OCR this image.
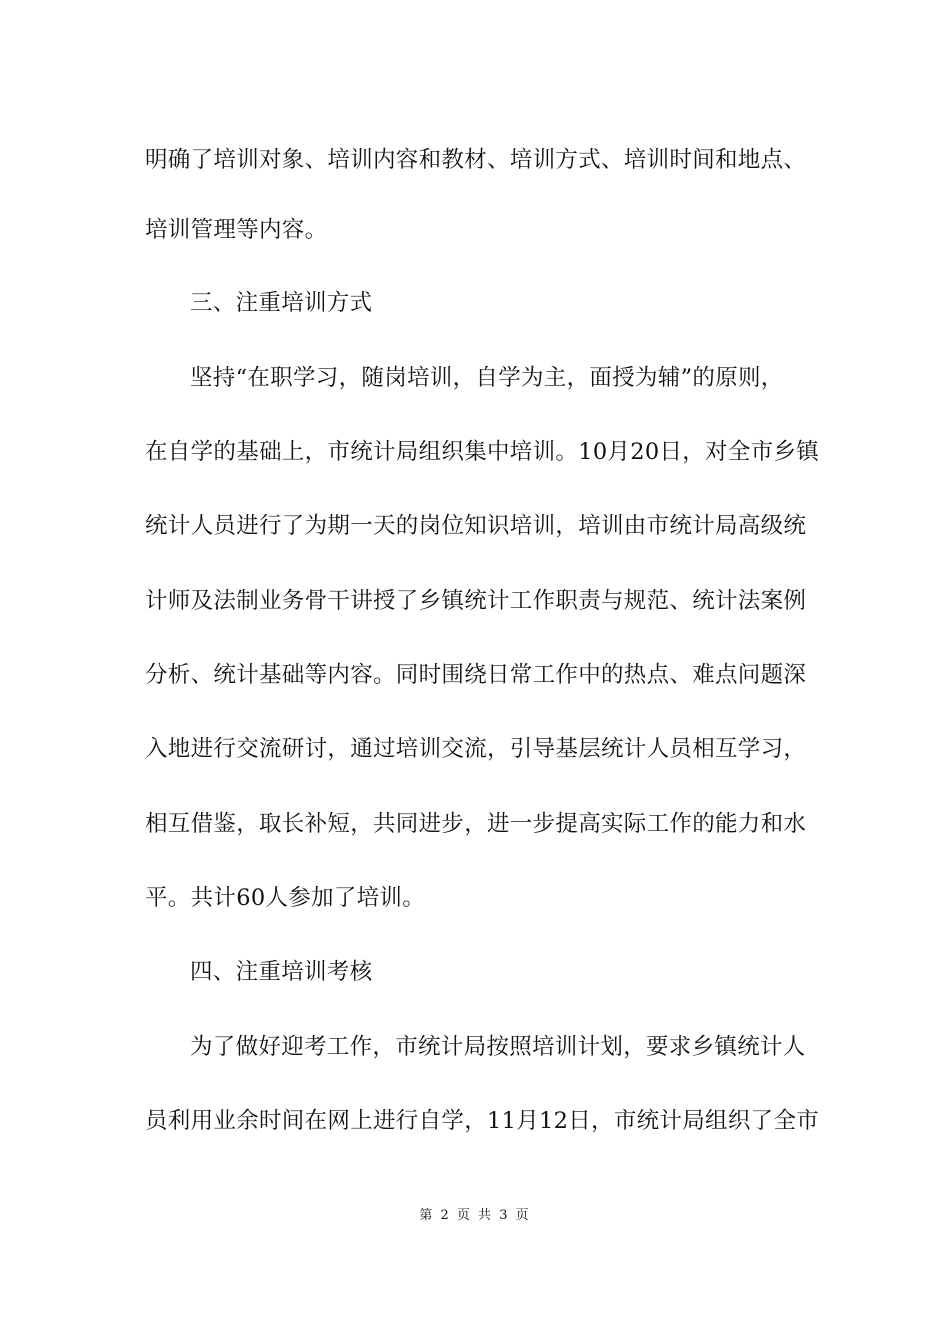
明确了培训对象、培训内容和教材、培训方式、培训时间和地点、
培训管理等内容。
三、注重培训方式
坚持“在职学习，随岗培训，自学为主，面授为辅”的原则，
在自学的基础上，市统计局组织集中培训。10月20日，对全市乡镇
统计人员进行了为期一天的岗位知识培训，培训由市统计局高级统
计师及法制业务骨干讲授了乡镇统计工作职责与规范、统计法案例
分析、统计基础等内容。同时围绕日常工作中的热点、难点问题深
入地进行交流研讨，通过培训交流，引导基层统计人员相互学习，
相互借鉴，取长补短，共同进步，进一步提高实际工作的能力和水
平。共计60人参加了培训。
四、注重培训考核
为了做好迎考工作，市统计局按照培训计划，要求乡镇统计人
员利用业余时间在网上进行自学，11月12日，市统计局组织了全市
第 2 页 共 3 页
